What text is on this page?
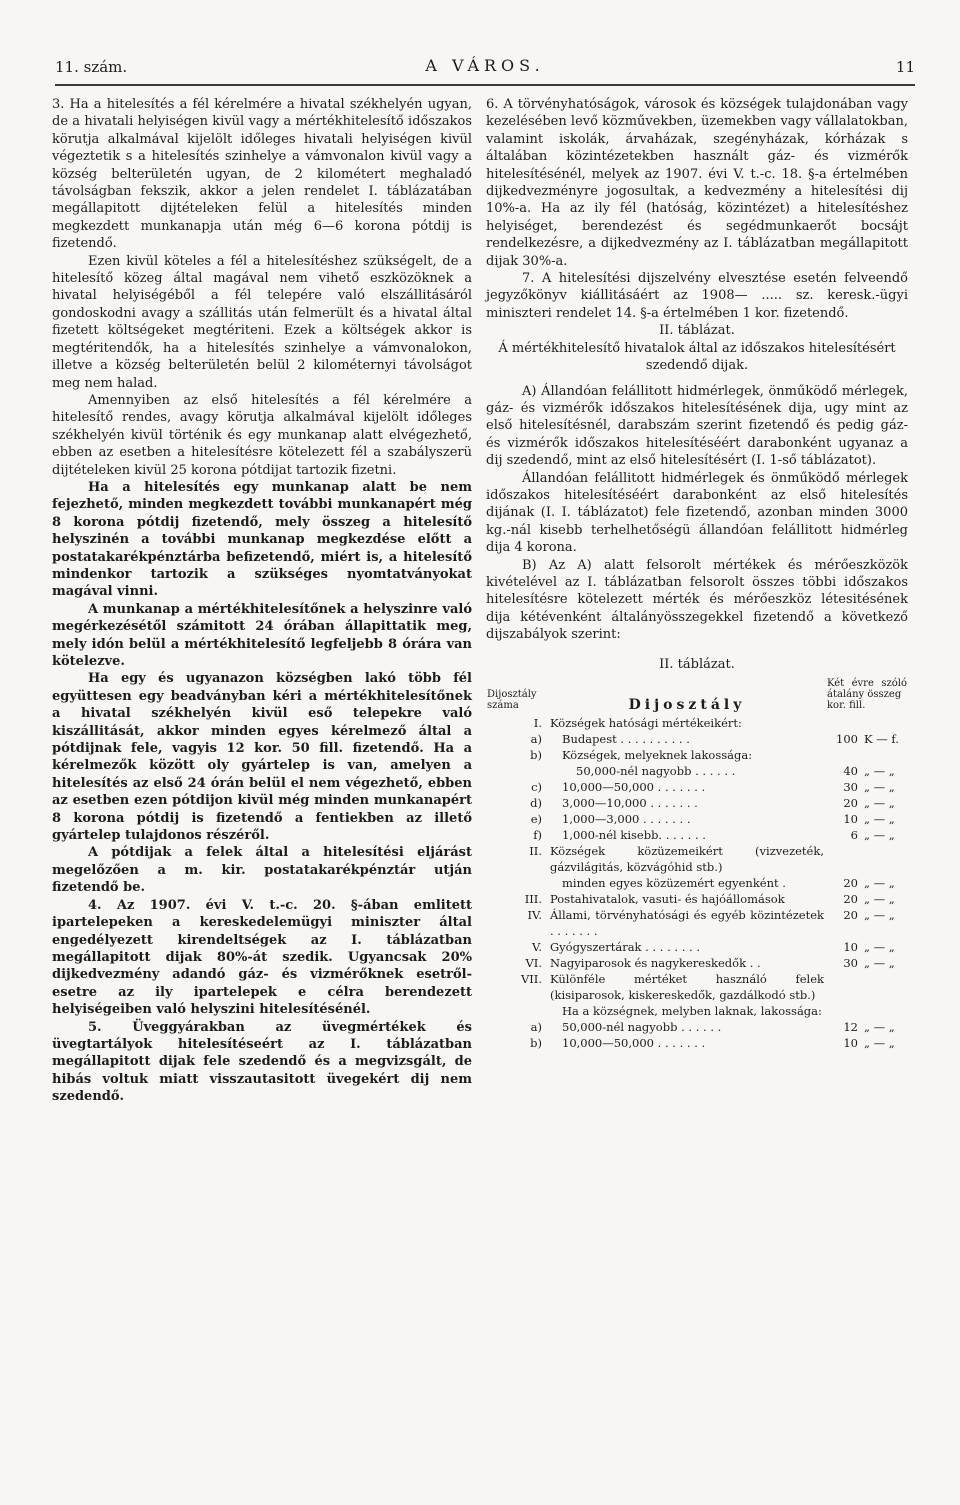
11. szám.	A VÁROS.	11

3. Ha a hitelesítés a fél kérelmére a hivatal székhelyén ugyan, de a hivatali helyiségen kivül vagy a mértékhitelesítő időszakos körutja alkalmával kijelölt időleges hivatali helyiségen kivül végeztetik s a hitelesítés szinhelye a vámvonalon kivül vagy a község belterületén ugyan, de 2 kilométert meghaladó távolságban fekszik, akkor a jelen rendelet I. táblázatában megállapitott dijtételeken felül a hitelesítés minden megkezdett munkanapja után még 6—6 korona pótdij is fizetendő.

Ezen kivül köteles a fél a hitelesítéshez szükségelt, de a hitelesítő közeg által magával nem vihető eszközöknek a hivatal helyiségéből a fél telepére való elszállitásáról gondoskodni avagy a szállitás után felmerült és a hivatal által fizetett költségeket megtériteni. Ezek a költségek akkor is megtéritendők, ha a hitelesítés szinhelye a vámvonalokon, illetve a község belterületén belül 2 kilométernyi távolságot meg nem halad.

Amennyiben az első hitelesítés a fél kérelmére a hitelesítő rendes, avagy körutja alkalmával kijelölt időleges székhelyén kivül történik és egy munkanap alatt elvégezhető, ebben az esetben a hitelesítésre kötelezett fél a szabályszerü dijtételeken kivül 25 korona pótdijat tartozik fizetni.

Ha a hitelesítés egy munkanap alatt be nem fejezhető, minden megkezdett további munkanapért még 8 korona pótdij fizetendő, mely összeg a hitelesítő helyszinén a további munkanap megkezdése előtt a postatakarékpénztárba befizetendő, miért is, a hitelesítő mindenkor tartozik a szükséges nyomtatványokat magával vinni.

A munkanap a mértékhitelesítőnek a helyszinre való megérkezésétől számitott 24 órában állapittatik meg, mely idón belül a mértékhitelesítő legfeljebb 8 órára van kötelezve.

Ha egy és ugyanazon községben lakó több fél együttesen egy beadványban kéri a mértékhitelesítőnek a hivatal székhelyén kivül eső telepekre való kiszállitását, akkor minden egyes kérelmező által a pótdijnak fele, vagyis 12 kor. 50 fill. fizetendő. Ha a kérelmezők között oly gyártelep is van, amelyen a hitelesítés az első 24 órán belül el nem végezhető, ebben az esetben ezen pótdijon kivül még minden munkanapért 8 korona pótdij is fizetendő a fentiekben az illető gyártelep tulajdonos részéről.

A pótdijak a felek által a hitelesítési eljárást megelőzően a m. kir. postatakarékpénztár utján fizetendő be.

4. Az 1907. évi V. t.-c. 20. §-ában emlitett ipartelepeken a kereskedelemügyi miniszter által engedélyezett kirendeltségek az I. táblázatban megállapitott dijak 80%-át szedik. Ugyancsak 20% dijkedvezmény adandó gáz- és vizmérőknek esetről-esetre az ily ipartelepek e célra berendezett helyiségeiben való helyszini hitelesítésénél.

5. Üveggyárakban az üvegmértékek és üvegtartályok hitelesítéseért az I. táblázatban megállapitott dijak fele szedendő és a megvizsgált, de hibás voltuk miatt visszautasitott üvegekért dij nem szedendő.

6. A törvényhatóságok, városok és községek tulajdonában vagy kezelésében levő közművekben, üzemekben vagy vállalatokban, valamint iskolák, árvaházak, szegényházak, kórházak s általában közintézetekben használt gáz- és vizmérők hitelesítésénél, melyek az 1907. évi V. t.-c. 18. §-a értelmében dijkedvezményre jogosultak, a kedvezmény a hitelesítési dij 10%-a. Ha az ily fél (hatóság, közintézet) a hitelesítéshez helyiséget, berendezést és segédmunkaerőt bocsájt rendelkezésre, a dijkedvezmény az I. táblázatban megállapitott dijak 30%-a.

7. A hitelesítési dijszelvény elvesztése esetén felveendő jegyzőkönyv kiállitásáért az 1908— ..... sz. keresk.-ügyi miniszteri rendelet 14. §-a értelmében 1 kor. fizetendő.

II. táblázat.

Á mértékhitelesítő hivatalok által az időszakos hitelesítésért szedendő dijak.

A) Állandóan felállitott hidmérlegek, önműködő mérlegek, gáz- és vizmérők időszakos hitelesítésének dija, ugy mint az első hitelesítésnél, darabszám szerint fizetendő és pedig gáz- és vizmérők időszakos hitelesítéséért darabonként ugyanaz a dij szedendő, mint az első hitelesítésért (I. 1-ső táblázatot).

Állandóan felállitott hidmérlegek és önműködő mérlegek időszakos hitelesítéséért darabonként az első hitelesítés dijának (I. I. táblázatot) fele fizetendő, azonban minden 3000 kg.-nál kisebb terhelhetőségü állandóan felállitott hidmérleg dija 4 korona.

B) Az A) alatt felsorolt mértékek és mérőeszközök kivételével az I. táblázatban felsorolt összes többi időszakos hitelesítésre kötelezett mérték és mérőeszköz létesitésének dija kétévenként általányösszegekkel fizetendő a következő dijszabályok szerint:

II. táblázat.

Dijosztály száma	Dijosztály	Két évre szóló átalány összeg
kor. fill.	
I.	Községek hatósági mértékeikért:		
a)	Budapest . . . . . . . . . .	100	K — f.
b)	Községek, melyeknek lakossága:		
	50,000-nél nagyobb . . . . . .	40	„ — „
c)	10,000—50,000 . . . . . . .	30	„ — „
d)	3,000—10,000 . . . . . . .	20	„ — „
e)	1,000—3,000 . . . . . . .	10	„ — „
f)	1,000-nél kisebb. . . . . . .	6	„ — „
II.	Községek közüzemeikért (vizvezeték, gázvilágitás, közvágóhid stb.)		
	minden egyes közüzemért egyenként .	20	„ — „
III.	Postahivatalok, vasuti- és hajóállomások	20	„ — „
IV.	Állami, törvényhatósági és egyéb közintézetek . . . . . . .	20	„ — „
V.	Gyógyszertárak . . . . . . . .	10	„ — „
VI.	Nagyiparosok és nagykereskedők . .	30	„ — „
VII.	Különféle mértéket használó felek (kisiparosok, kiskereskedők, gazdálkodó stb.)		
	Ha a községnek, melyben laknak, lakossága:		
a)	50,000-nél nagyobb . . . . . .	12	„ — „
b)	10,000—50,000 . . . . . . .	10	„ — „
